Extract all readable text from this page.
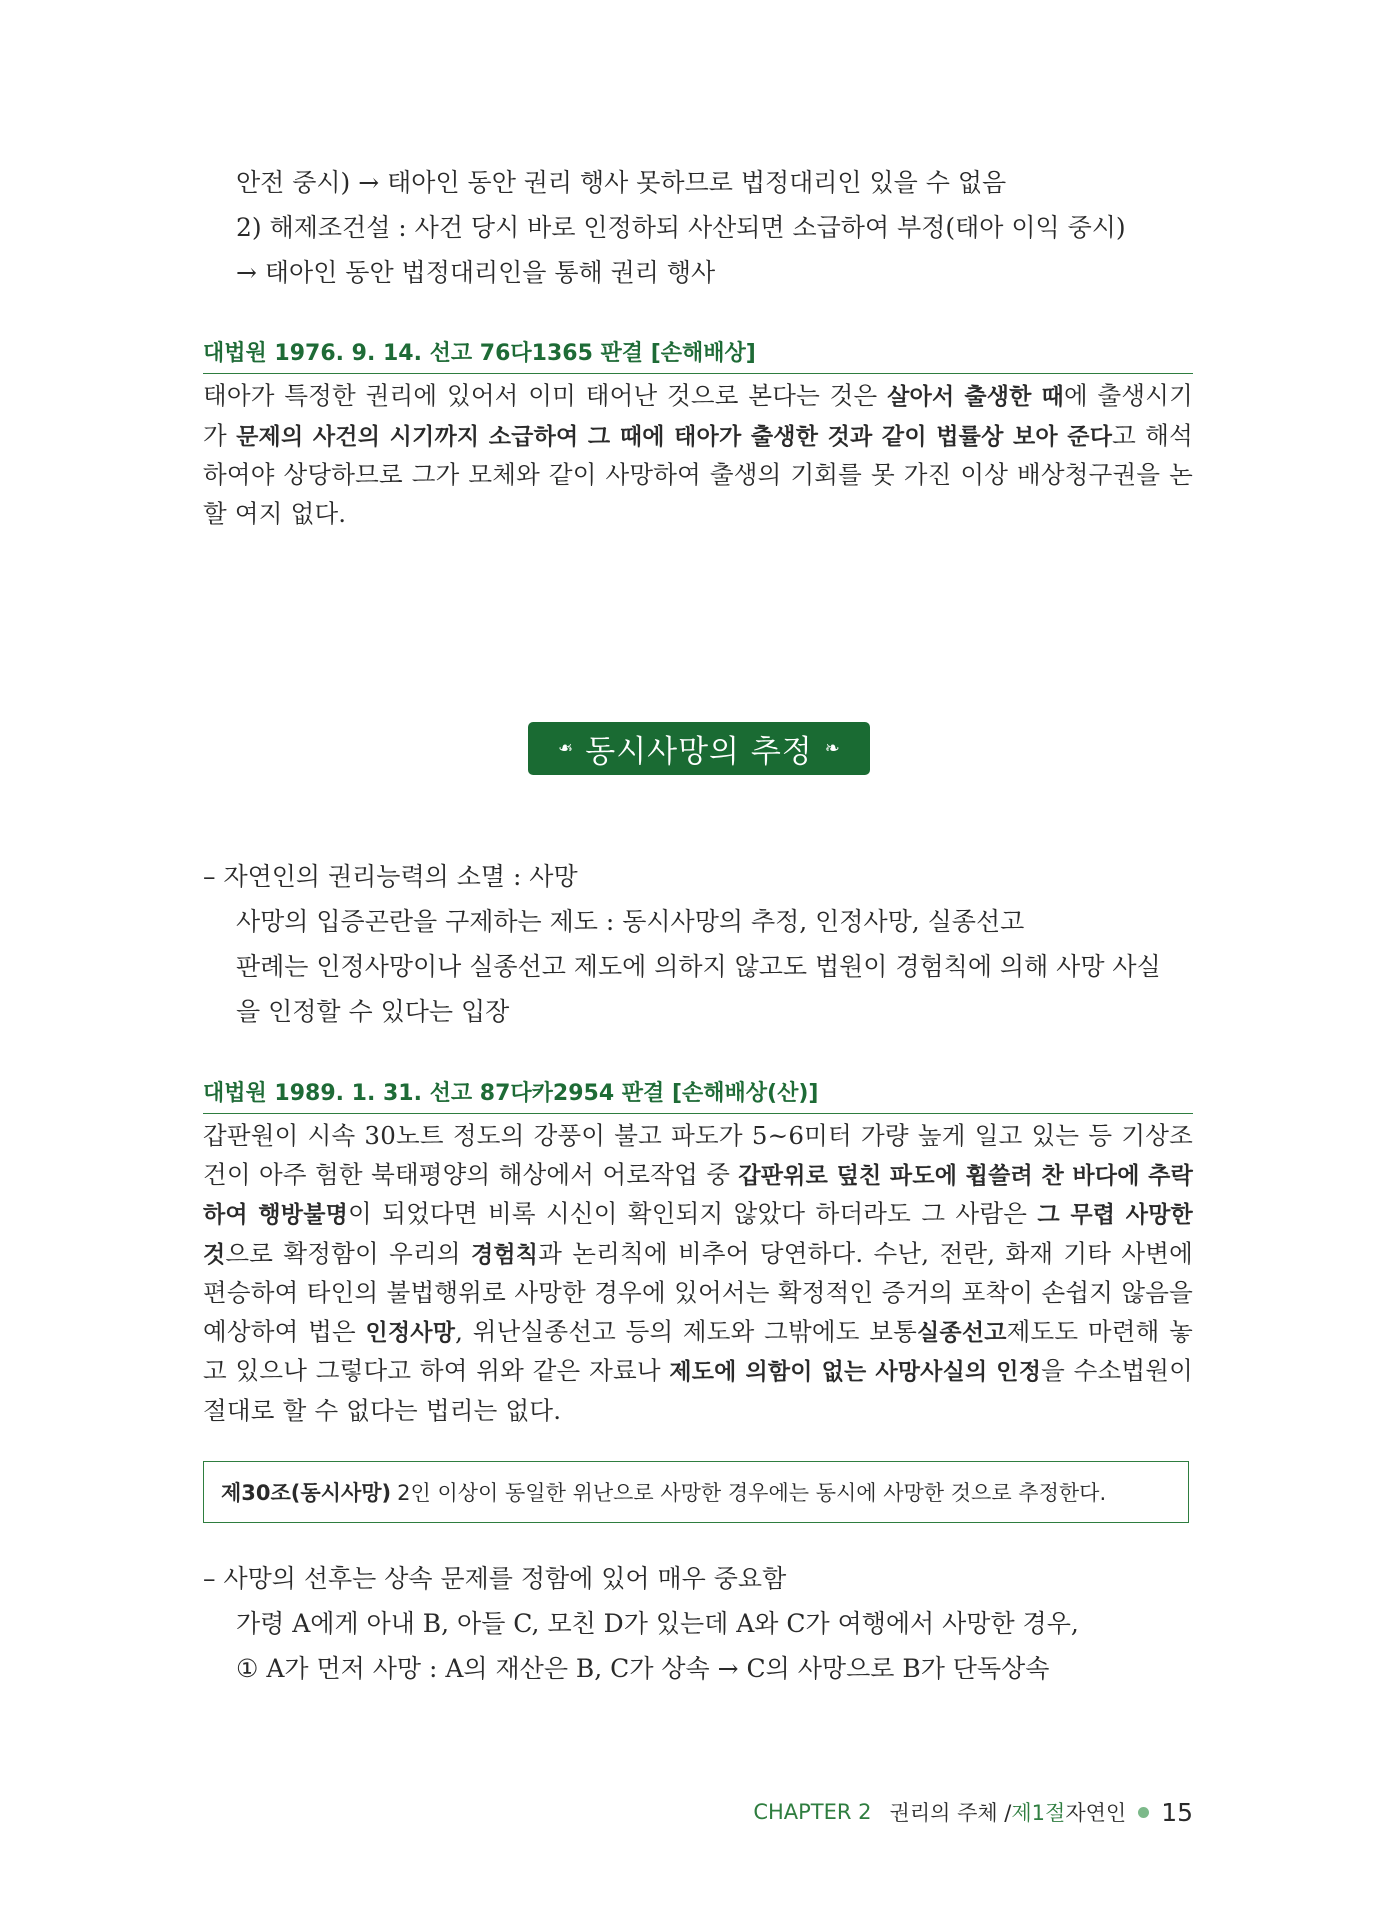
안전 중시) → 태아인 동안 권리 행사 못하므로 법정대리인 있을 수 없음
2) 해제조건설 : 사건 당시 바로 인정하되 사산되면 소급하여 부정(태아 이익 중시)
→ 태아인 동안 법정대리인을 통해 권리 행사
대법원 1976. 9. 14. 선고 76다1365 판결 [손해배상]
태아가 특정한 권리에 있어서 이미 태어난 것으로 본다는 것은 살아서 출생한 때에 출생시기가 문제의 사건의 시기까지 소급하여 그 때에 태아가 출생한 것과 같이 법률상 보아 준다고 해석하여야 상당하므로 그가 모체와 같이 사망하여 출생의 기회를 못 가진 이상 배상청구권을 논할 여지 없다.
❧ 동시사망의 추정 ❧
– 자연인의 권리능력의 소멸 : 사망
사망의 입증곤란을 구제하는 제도 : 동시사망의 추정, 인정사망, 실종선고
판례는 인정사망이나 실종선고 제도에 의하지 않고도 법원이 경험칙에 의해 사망 사실
을 인정할 수 있다는 입장
대법원 1989. 1. 31. 선고 87다카2954 판결 [손해배상(산)]
갑판원이 시속 30노트 정도의 강풍이 불고 파도가 5~6미터 가량 높게 일고 있는 등 기상조건이 아주 험한 북태평양의 해상에서 어로작업 중 갑판위로 덮친 파도에 휩쓸려 찬 바다에 추락하여 행방불명이 되었다면 비록 시신이 확인되지 않았다 하더라도 그 사람은 그 무렵 사망한 것으로 확정함이 우리의 경험칙과 논리칙에 비추어 당연하다. 수난, 전란, 화재 기타 사변에 편승하여 타인의 불법행위로 사망한 경우에 있어서는 확정적인 증거의 포착이 손쉽지 않음을 예상하여 법은 인정사망, 위난실종선고 등의 제도와 그밖에도 보통실종선고제도도 마련해 놓고 있으나 그렇다고 하여 위와 같은 자료나 제도에 의함이 없는 사망사실의 인정을 수소법원이 절대로 할 수 없다는 법리는 없다.
제30조(동시사망) 2인 이상이 동일한 위난으로 사망한 경우에는 동시에 사망한 것으로 추정한다.
– 사망의 선후는 상속 문제를 정함에 있어 매우 중요함
가령 A에게 아내 B, 아들 C, 모친 D가 있는데 A와 C가 여행에서 사망한 경우,
① A가 먼저 사망 : A의 재산은 B, C가 상속 → C의 사망으로 B가 단독상속
CHAPTER 2 권리의 주체 / 제1절 자연인 15
